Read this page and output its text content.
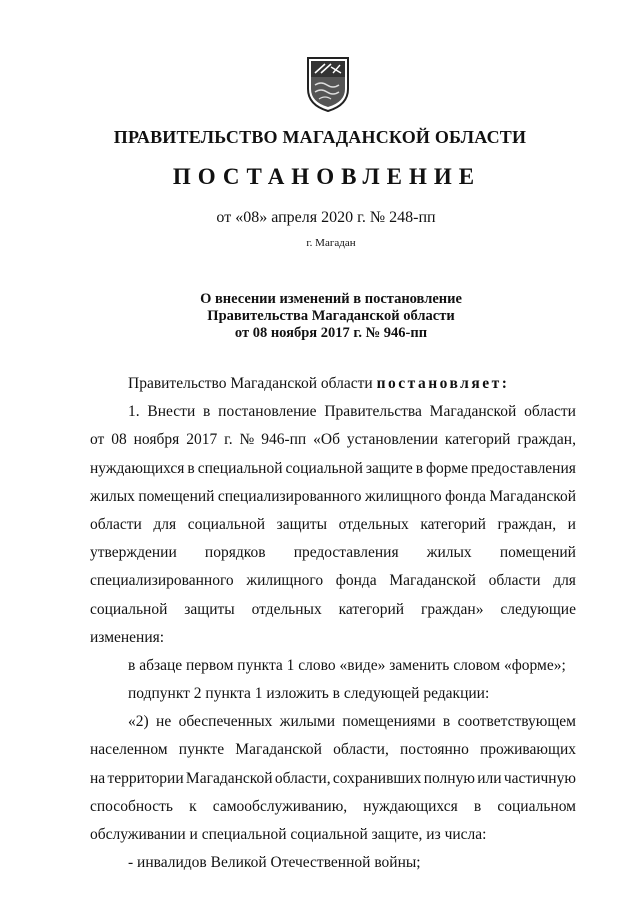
ПРАВИТЕЛЬСТВО МАГАДАНСКОЙ ОБЛАСТИ
ПОСТАНОВЛЕНИЕ
от «08» апреля 2020 г. № 248-пп
г. Магадан
О внесении изменений в постановление
Правительства Магаданской области
от 08 ноября 2017 г. № 946-пп
Правительство Магаданской области постановляет:
1. Внести в постановление Правительства Магаданской области
от 08 ноября 2017 г. № 946-пп «Об установлении категорий граждан,
нуждающихся в специальной социальной защите в форме предоставления
жилых помещений специализированного жилищного фонда Магаданской
области для социальной защиты отдельных категорий граждан, и
утверждении порядков предоставления жилых помещений
специализированного жилищного фонда Магаданской области для
социальной защиты отдельных категорий граждан» следующие
изменения:
в абзаце первом пункта 1 слово «виде» заменить словом «форме»;
подпункт 2 пункта 1 изложить в следующей редакции:
«2) не обеспеченных жилыми помещениями в соответствующем
населенном пункте Магаданской области, постоянно проживающих
на территории Магаданской области, сохранивших полную или частичную
способность к самообслуживанию, нуждающихся в социальном
обслуживании и специальной социальной защите, из числа:
- инвалидов Великой Отечественной войны;
